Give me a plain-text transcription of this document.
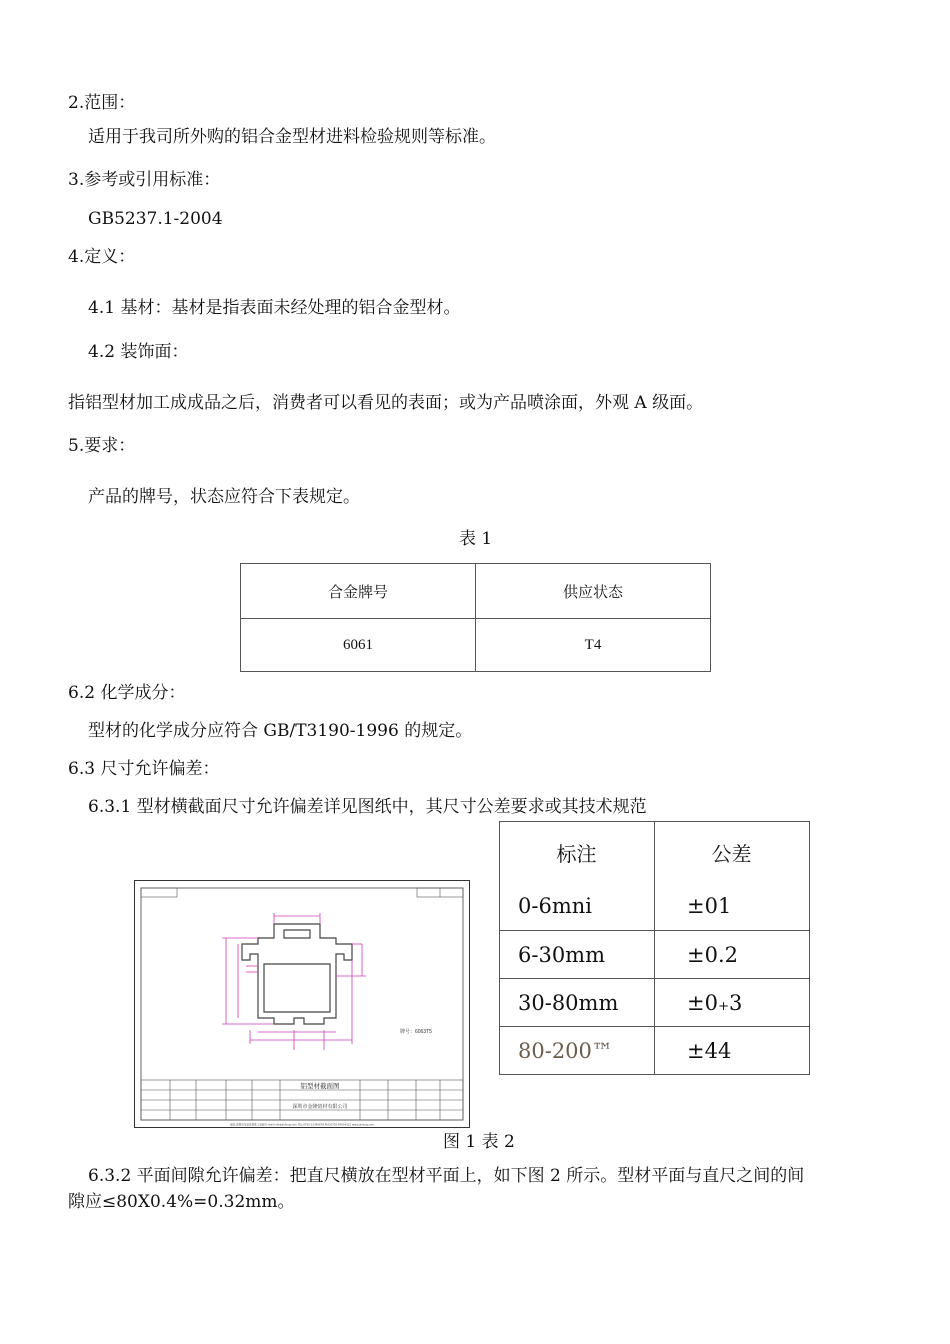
2.范围：
适用于我司所外购的铝合金型材进料检验规则等标准。
3.参考或引用标准：
GB5237.1-2004
4.定义：
4.1 基材：基材是指表面未经处理的铝合金型材。
4.2 装饰面：
指铝型材加工成成品之后，消费者可以看见的表面；或为产品喷涂面，外观 A 级面。
5.要求：
产品的牌号，状态应符合下表规定。
表 1
合金牌号	供应状态
6061	T4
6.2 化学成分：
型材的化学成分应符合 GB/T3190-1996 的规定。
6.3 尺寸允许偏差：
6.3.1 型材横截面尺寸允许偏差详见图纸中，其尺寸公差要求或其技术规范
牌号：6063T5
铝型材截面图
深圳市金隆铝材有限公司
地址:深圳市宝安区某某工业园 E-mail:info@jinlong.com TEL:0755-12345678 FAX:0755-87654321 www.jinlong.com
标注	公差
0-6mni	±01
6-30mm	±0.2
30-80mm	±0₊3
80-200™	±44
图 1 表 2
6.3.2 平面间隙允许偏差：把直尺横放在型材平面上，如下图 2 所示。型材平面与直尺之间的间
隙应≤80X0.4%=0.32mm。
